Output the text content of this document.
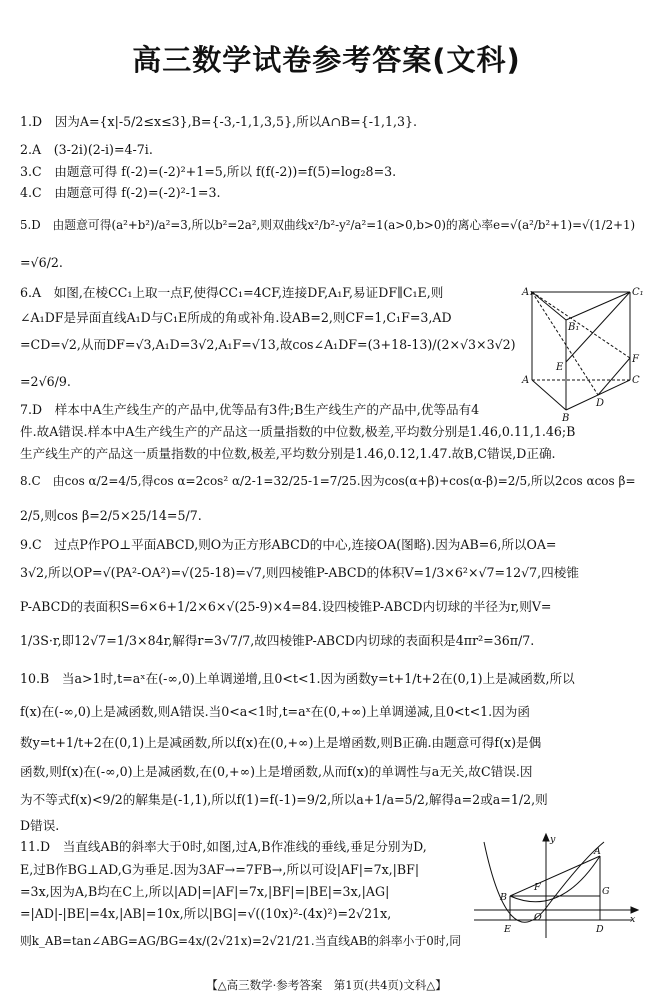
高三数学试卷参考答案(文科)
1.D　因为A={x|-5/2≤x≤3},B={-3,-1,1,3,5},所以A∩B={-1,1,3}.
2.A　(3-2i)(2-i)=4-7i.
3.C　由题意可得 f(-2)=(-2)²+1=5,所以 f(f(-2))=f(5)=log₂8=3.
4.C　由题意可得 f(-2)=(-2)²-1=3.
5.D　由题意可得(a²+b²)/a²=3,所以b²=2a²,则双曲线x²/b²-y²/a²=1(a>0,b>0)的离心率e=√(a²/b²+1)=√(1/2+1)
=√6/2.
6.A　如图,在棱CC₁上取一点F,使得CC₁=4CF,连接DF,A₁F,易证DF∥C₁E,则
∠A₁DF是异面直线A₁D与C₁E所成的角或补角.设AB=2,则CF=1,C₁F=3,AD
=CD=√2,从而DF=√3,A₁D=3√2,A₁F=√13,故cos∠A₁DF=(3+18-13)/(2×√3×3√2)
=2√6/9.
7.D　样本中A生产线生产的产品中,优等品有3件;B生产线生产的产品中,优等品有4
件.故A错误.样本中A生产线生产的产品这一质量指数的中位数,极差,平均数分别是1.46,0.11,1.46;B
生产线生产的产品这一质量指数的中位数,极差,平均数分别是1.46,0.12,1.47.故B,C错误,D正确.
8.C　由cos α/2=4/5,得cos α=2cos² α/2-1=32/25-1=7/25.因为cos(α+β)+cos(α-β)=2/5,所以2cos αcos β=
2/5,则cos β=2/5×25/14=5/7.
9.C　过点P作PO⊥平面ABCD,则O为正方形ABCD的中心,连接OA(图略).因为AB=6,所以OA=
3√2,所以OP=√(PA²-OA²)=√(25-18)=√7,则四棱锥P-ABCD的体积V=1/3×6²×√7=12√7,四棱锥
P-ABCD的表面积S=6×6+1/2×6×√(25-9)×4=84.设四棱锥P-ABCD内切球的半径为r,则V=
1/3S·r,即12√7=1/3×84r,解得r=3√7/7,故四棱锥P-ABCD内切球的表面积是4πr²=36π/7.
10.B　当a>1时,t=aˣ在(-∞,0)上单调递增,且0<t<1.因为函数y=t+1/t+2在(0,1)上是减函数,所以
f(x)在(-∞,0)上是减函数,则A错误.当0<a<1时,t=aˣ在(0,+∞)上单调递减,且0<t<1.因为函
数y=t+1/t+2在(0,1)上是减函数,所以f(x)在(0,+∞)上是增函数,则B正确.由题意可得f(x)是偶
函数,则f(x)在(-∞,0)上是减函数,在(0,+∞)上是增函数,从而f(x)的单调性与a无关,故C错误.因
为不等式f(x)<9/2的解集是(-1,1),所以f(1)=f(-1)=9/2,所以a+1/a=5/2,解得a=2或a=1/2,则
D错误.
11.D　当直线AB的斜率大于0时,如图,过A,B作准线的垂线,垂足分别为D,
E,过B作BG⊥AD,G为垂足.因为3AF→=7FB→,所以可设|AF|=7x,|BF|
=3x,因为A,B均在C上,所以|AD|=|AF|=7x,|BF|=|BE|=3x,|AG|
=|AD|-|BE|=4x,|AB|=10x,所以|BG|=√((10x)²-(4x)²)=2√21x,
则k_AB=tan∠ABG=AG/BG=4x/(2√21x)=2√21/21.当直线AB的斜率小于0时,同
A₁	C₁
B₁
E
F
A
D
C
B
y
A
F
B
G
O	x
E	D
【△高三数学·参考答案　第1页(共4页)文科△】
